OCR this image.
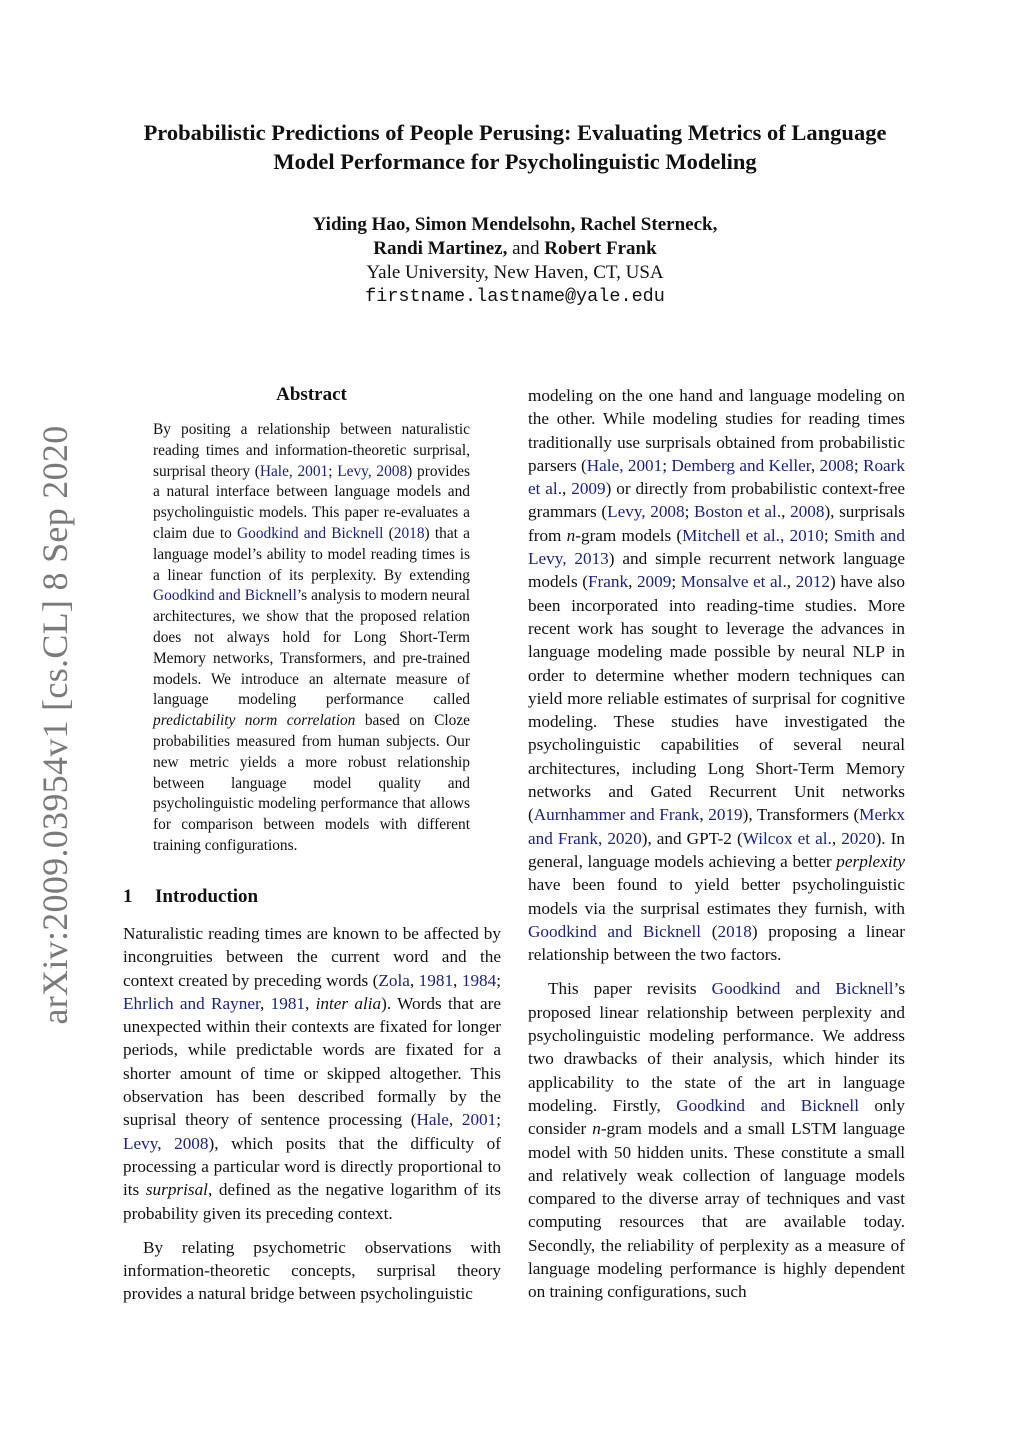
Probabilistic Predictions of People Perusing: Evaluating Metrics of Language Model Performance for Psycholinguistic Modeling
Yiding Hao, Simon Mendelsohn, Rachel Sterneck,
Randi Martinez, and Robert Frank
Yale University, New Haven, CT, USA
firstname.lastname@yale.edu
arXiv:2009.03954v1 [cs.CL] 8 Sep 2020
Abstract
By positing a relationship between naturalistic reading times and information-theoretic surprisal, surprisal theory (Hale, 2001; Levy, 2008) provides a natural interface between language models and psycholinguistic models. This paper re-evaluates a claim due to Goodkind and Bicknell (2018) that a language model’s ability to model reading times is a linear function of its perplexity. By extending Goodkind and Bicknell’s analysis to modern neural architectures, we show that the proposed relation does not always hold for Long Short-Term Memory networks, Transformers, and pre-trained models. We introduce an alternate measure of language modeling performance called predictability norm correlation based on Cloze probabilities measured from human subjects. Our new metric yields a more robust relationship between language model quality and psycholinguistic modeling performance that allows for comparison between models with different training configurations.
1 Introduction

Naturalistic reading times are known to be affected by incongruities between the current word and the context created by preceding words (Zola, 1981, 1984; Ehrlich and Rayner, 1981, inter alia). Words that are unexpected within their contexts are fixated for longer periods, while predictable words are fixated for a shorter amount of time or skipped altogether. This observation has been described formally by the suprisal theory of sentence processing (Hale, 2001; Levy, 2008), which posits that the difficulty of processing a particular word is directly proportional to its surprisal, defined as the negative logarithm of its probability given its preceding context.

By relating psychometric observations with information-theoretic concepts, surprisal theory provides a natural bridge between psycholinguistic

modeling on the one hand and language modeling on the other. While modeling studies for reading times traditionally use surprisals obtained from probabilistic parsers (Hale, 2001; Demberg and Keller, 2008; Roark et al., 2009) or directly from probabilistic context-free grammars (Levy, 2008; Boston et al., 2008), surprisals from n-gram models (Mitchell et al., 2010; Smith and Levy, 2013) and simple recurrent network language models (Frank, 2009; Monsalve et al., 2012) have also been incorporated into reading-time studies. More recent work has sought to leverage the advances in language modeling made possible by neural NLP in order to determine whether modern techniques can yield more reliable estimates of surprisal for cognitive modeling. These studies have investigated the psycholinguistic capabilities of several neural architectures, including Long Short-Term Memory networks and Gated Recurrent Unit networks (Aurnhammer and Frank, 2019), Transformers (Merkx and Frank, 2020), and GPT-2 (Wilcox et al., 2020). In general, language models achieving a better perplexity have been found to yield better psycholinguistic models via the surprisal estimates they furnish, with Goodkind and Bicknell (2018) proposing a linear relationship between the two factors.

This paper revisits Goodkind and Bicknell’s proposed linear relationship between perplexity and psycholinguistic modeling performance. We address two drawbacks of their analysis, which hinder its applicability to the state of the art in language modeling. Firstly, Goodkind and Bicknell only consider n-gram models and a small LSTM language model with 50 hidden units. These constitute a small and relatively weak collection of language models compared to the diverse array of techniques and vast computing resources that are available today. Secondly, the reliability of perplexity as a measure of language modeling performance is highly dependent on training configurations, such
